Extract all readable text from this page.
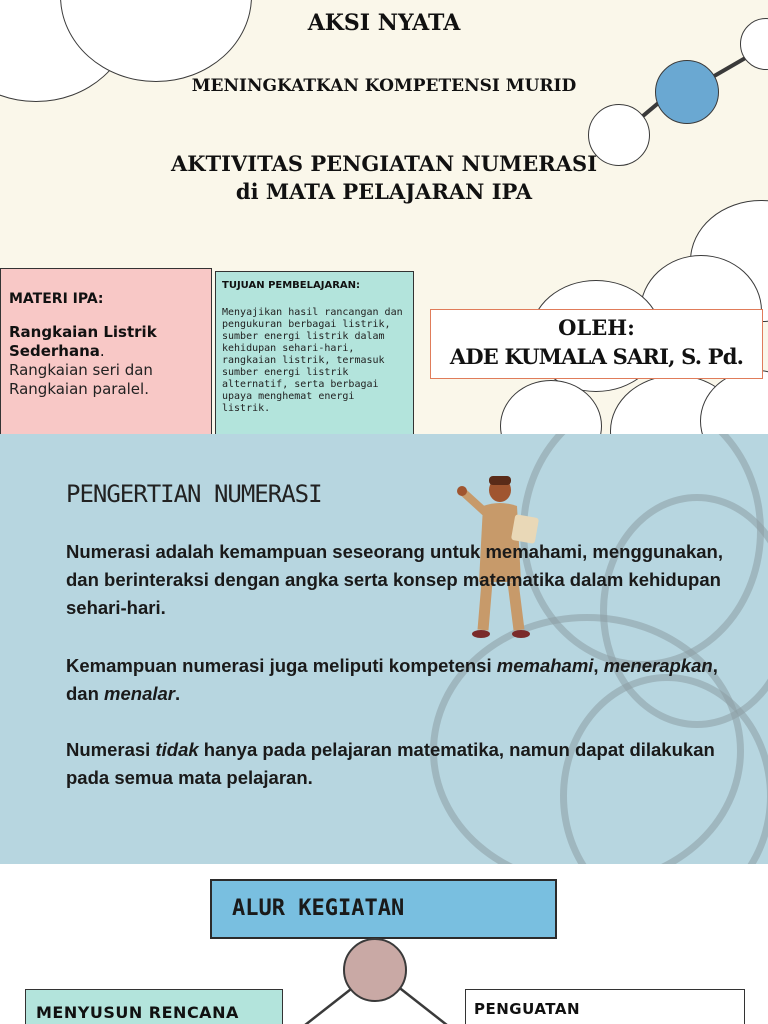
AKSI NYATA
MENINGKATKAN KOMPETENSI MURID
AKTIVITAS PENGIATAN NUMERASI
di MATA PELAJARAN IPA
MATERI IPA:
Rangkaian Listrik Sederhana.
Rangkaian seri dan Rangkaian paralel.
TUJUAN PEMBELAJARAN:
Menyajikan hasil rancangan dan pengukuran berbagai listrik, sumber energi listrik dalam kehidupan sehari-hari, rangkaian listrik, termasuk sumber energi listrik alternatif, serta berbagai upaya menghemat energi listrik.
OLEH:
ADE KUMALA SARI, S. Pd.
PENGERTIAN NUMERASI
Numerasi adalah kemampuan seseorang untuk memahami, menggunakan, dan berinteraksi dengan angka serta konsep matematika dalam kehidupan sehari-hari.
Kemampuan numerasi juga meliputi kompetensi memahami, menerapkan, dan menalar.
Numerasi tidak hanya pada pelajaran matematika, namun dapat dilakukan pada semua mata pelajaran.
ALUR KEGIATAN
MENYUSUN RENCANA	PENGUATAN
